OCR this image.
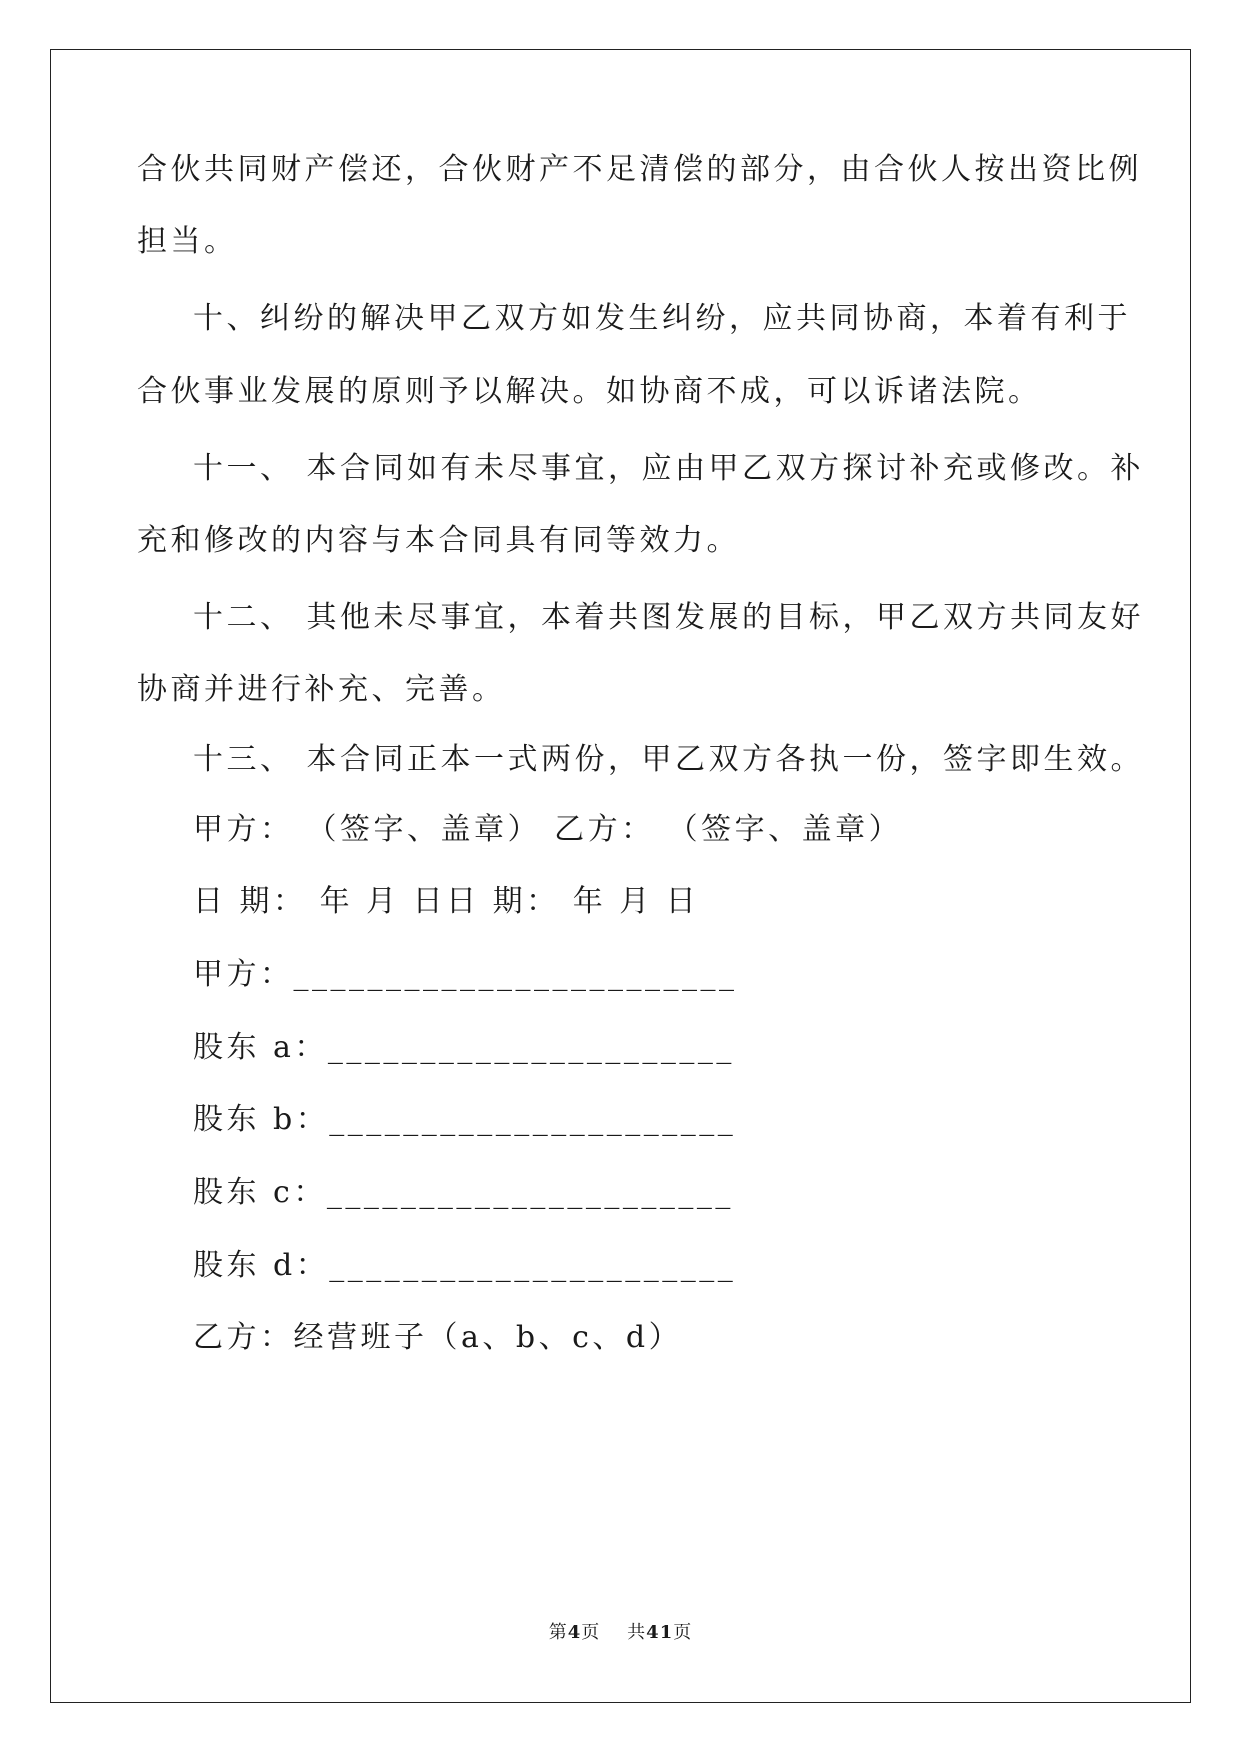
合伙共同财产偿还，合伙财产不足清偿的部分，由合伙人按出资比例
担当。
十、纠纷的解决甲乙双方如发生纠纷，应共同协商，本着有利于
合伙事业发展的原则予以解决。如协商不成，可以诉诸法院。
十一、 本合同如有未尽事宜，应由甲乙双方探讨补充或修改。补
充和修改的内容与本合同具有同等效力。
十二、 其他未尽事宜，本着共图发展的目标，甲乙双方共同友好
协商并进行补充、完善。
十三、 本合同正本一式两份，甲乙双方各执一份，签字即生效。
甲方： （签字、盖章） 乙方： （签字、盖章）
日 期： 年 月 日日 期： 年 月 日
甲方：________________________
股东 a：______________________
股东 b：______________________
股东 c：______________________
股东 d：______________________
乙方：经营班子（a、b、c、d）
第4页 共41页
